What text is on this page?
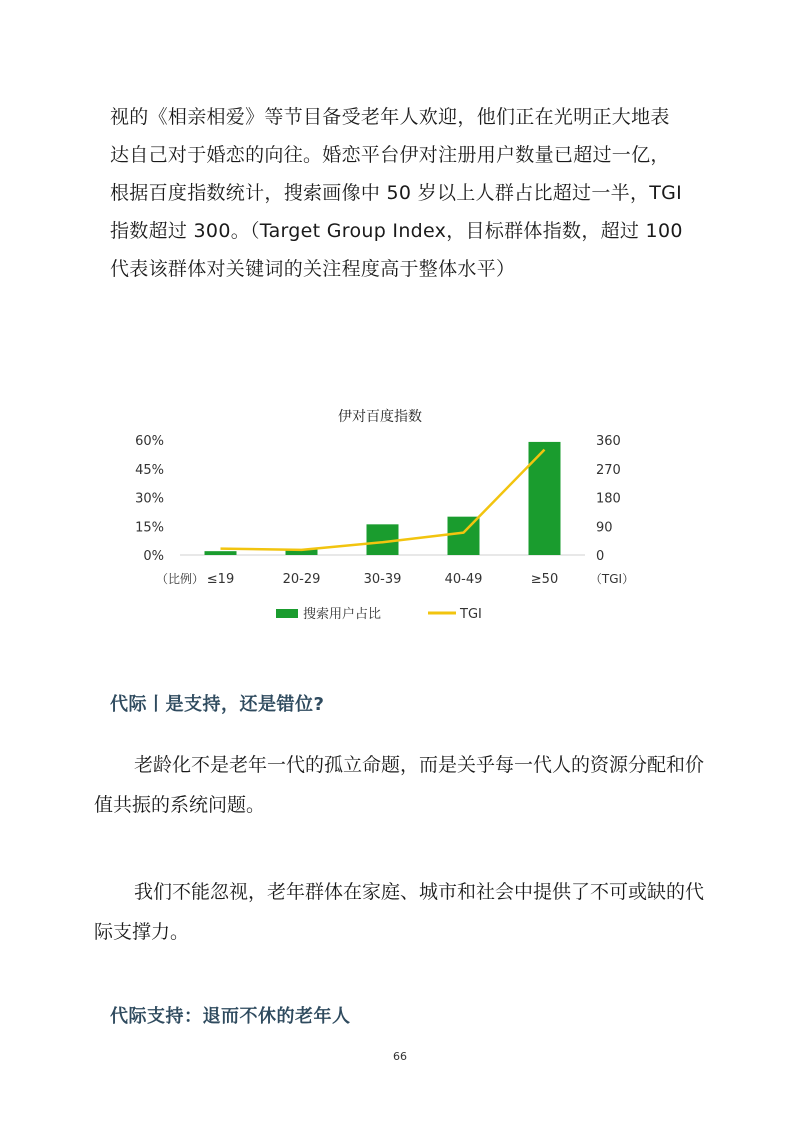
视的《相亲相爱》等节目备受老年人欢迎，他们正在光明正大地表

达自己对于婚恋的向往。婚恋平台伊对注册用户数量已超过一亿，

根据百度指数统计，搜索画像中 50 岁以上人群占比超过一半，TGI

指数超过 300。（Target Group Index，目标群体指数，超过 100

代表该群体对关键词的关注程度高于整体水平）

伊对百度指数
0%
15%
30%
45%
60%
0
90
180
270
360
≤19	20-29	30-39	40-49	≥50
（比例）	（TGI）
搜索用户占比	TGI
代际丨是支持，还是错位?

老龄化不是老年一代的孤立命题，而是关乎每一代人的资源分配和价值共振的系统问题。

我们不能忽视，老年群体在家庭、城市和社会中提供了不可或缺的代际支撑力。

代际支持：退而不休的老年人
66
